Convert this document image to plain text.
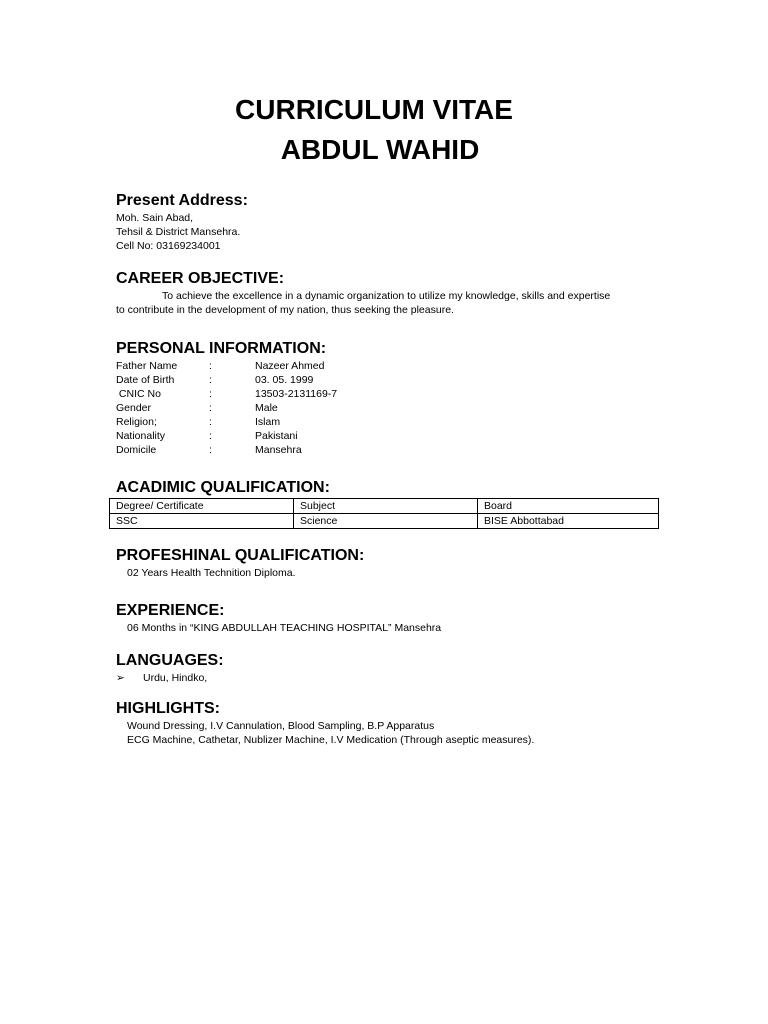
CURRICULUM VITAE
ABDUL WAHID
Present Address:
Moh. Sain Abad,
Tehsil & District Mansehra.
Cell No: 03169234001
CAREER OBJECTIVE:
To achieve the excellence in a dynamic organization to utilize my knowledge, skills and expertise
to contribute in the development of my nation, thus seeking the pleasure.
PERSONAL INFORMATION:
Father Name	:	Nazeer Ahmed
Date of Birth	:	03. 05. 1999
CNIC No	:	13503-2131169-7
Gender	:	Male
Religion;	:	Islam
Nationality	:	Pakistani
Domicile	:	Mansehra
ACADIMIC QUALIFICATION:
Degree/ Certificate	Subject	Board
SSC	Science	BISE Abbottabad
PROFESHINAL QUALIFICATION:
02 Years Health Technition Diploma.
EXPERIENCE:
06 Months in “KING ABDULLAH TEACHING HOSPITAL” Mansehra
LANGUAGES:
➢ Urdu, Hindko,
HIGHLIGHTS:
Wound Dressing, I.V Cannulation, Blood Sampling, B.P Apparatus
ECG Machine, Cathetar, Nublizer Machine, I.V Medication (Through aseptic measures).
